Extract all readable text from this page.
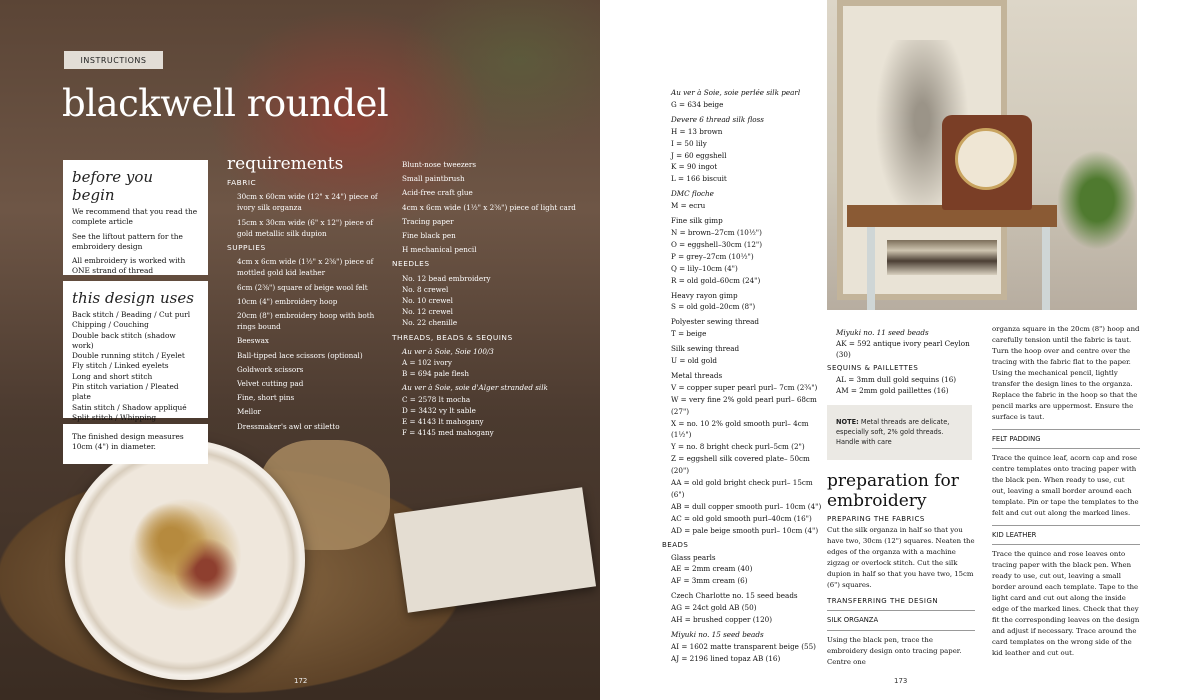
INSTRUCTIONS
blackwell roundel
before you begin

We recommend that you read the complete article

See the liftout pattern for the embroidery design

All embroidery is worked with ONE strand of thread

this design uses
Back stitch / Beading / Cut purl
Chipping / Couching
Double back stitch (shadow work)
Double running stitch / Eyelet
Fly stitch / Linked eyelets
Long and short stitch
Pin stitch variation / Pleated plate
Satin stitch / Shadow appliqué
Split stitch / Whipping

The finished design measures 10cm (4") in diameter.

requirements
FABRIC
30cm x 60cm wide (12" x 24") piece of ivory silk organza
15cm x 30cm wide (6" x 12") piece of gold metallic silk dupion
SUPPLIES
4cm x 6cm wide (1½" x 2⅜") piece of mottled gold kid leather
6cm (2⅜") square of beige wool felt
10cm (4") embroidery hoop
20cm (8") embroidery hoop with both rings bound
Beeswax
Ball-tipped lace scissors (optional)
Goldwork scissors
Velvet cutting pad
Fine, short pins
Mellor
Dressmaker's awl or stiletto
Blunt-nose tweezers
Small paintbrush
Acid-free craft glue
4cm x 6cm wide (1½" x 2⅜") piece of light card
Tracing paper
Fine black pen
H mechanical pencil
NEEDLES
No. 12 bead embroidery
No. 8 crewel
No. 10 crewel
No. 12 crewel
No. 22 chenille
THREADS, BEADS & SEQUINS
Au ver à Soie, Soie 100/3
A = 102 ivory
B = 694 pale flesh
Au ver à Soie, soie d'Alger stranded silk
C = 2578 lt mocha
D = 3432 vy lt sable
E = 4143 lt mahogany
F = 4145 med mahogany
172
Au ver à Soie, soie perlée silk pearl
G = 634 beige
Devere 6 thread silk floss
H = 13 brown
I = 50 lily
J = 60 eggshell
K = 90 ingot
L = 166 biscuit
DMC floche
M = ecru
Fine silk gimp
N = brown–27cm (10½")
O = eggshell–30cm (12")
P = grey–27cm (10½")
Q = lily–10cm (4")
R = old gold–60cm (24")
Heavy rayon gimp
S = old gold–20cm (8")
Polyester sewing thread
T = beige
Silk sewing thread
U = old gold
Metal threads
V = copper super pearl purl– 7cm (2¾")
W = very fine 2% gold pearl purl– 68cm (27")
X = no. 10 2% gold smooth purl– 4cm (1½")
Y = no. 8 bright check purl–5cm (2")
Z = eggshell silk covered plate– 50cm (20")
AA = old gold bright check purl– 15cm (6")
AB = dull copper smooth purl– 10cm (4")
AC = old gold smooth purl–40cm (16")
AD = pale beige smooth purl– 10cm (4")
BEADS
Glass pearls
AE = 2mm cream (40)
AF = 3mm cream (6)
Czech Charlotte no. 15 seed beads
AG = 24ct gold AB (50)
AH = brushed copper (120)
Miyuki no. 15 seed beads
AI = 1602 matte transparent beige (55)
AJ = 2196 lined topaz AB (16)
Miyuki no. 11 seed beads
AK = 592 antique ivory pearl Ceylon (30)
SEQUINS & PAILLETTES
AL = 3mm dull gold sequins (16)
AM = 2mm gold paillettes (16)
NOTE: Metal threads are delicate, especially soft, 2% gold threads. Handle with care
preparation for embroidery
PREPARING THE FABRICS

Cut the silk organza in half so that you have two, 30cm (12") squares. Neaten the edges of the organza with a machine zigzag or overlock stitch. Cut the silk dupion in half so that you have two, 15cm (6") squares.

TRANSFERRING THE DESIGN
SILK ORGANZA

Using the black pen, trace the embroidery design onto tracing paper. Centre one

organza square in the 20cm (8") hoop and carefully tension until the fabric is taut. Turn the hoop over and centre over the tracing with the fabric flat to the paper. Using the mechanical pencil, lightly transfer the design lines to the organza. Replace the fabric in the hoop so that the pencil marks are uppermost. Ensure the surface is taut.

FELT PADDING

Trace the quince leaf, acorn cap and rose centre templates onto tracing paper with the black pen. When ready to use, cut out, leaving a small border around each template. Pin or tape the templates to the felt and cut out along the marked lines.

KID LEATHER

Trace the quince and rose leaves onto tracing paper with the black pen. When ready to use, cut out, leaving a small border around each template. Tape to the light card and cut out along the inside edge of the marked lines. Check that they fit the corresponding leaves on the design and adjust if necessary. Trace around the card templates on the wrong side of the kid leather and cut out.

173
